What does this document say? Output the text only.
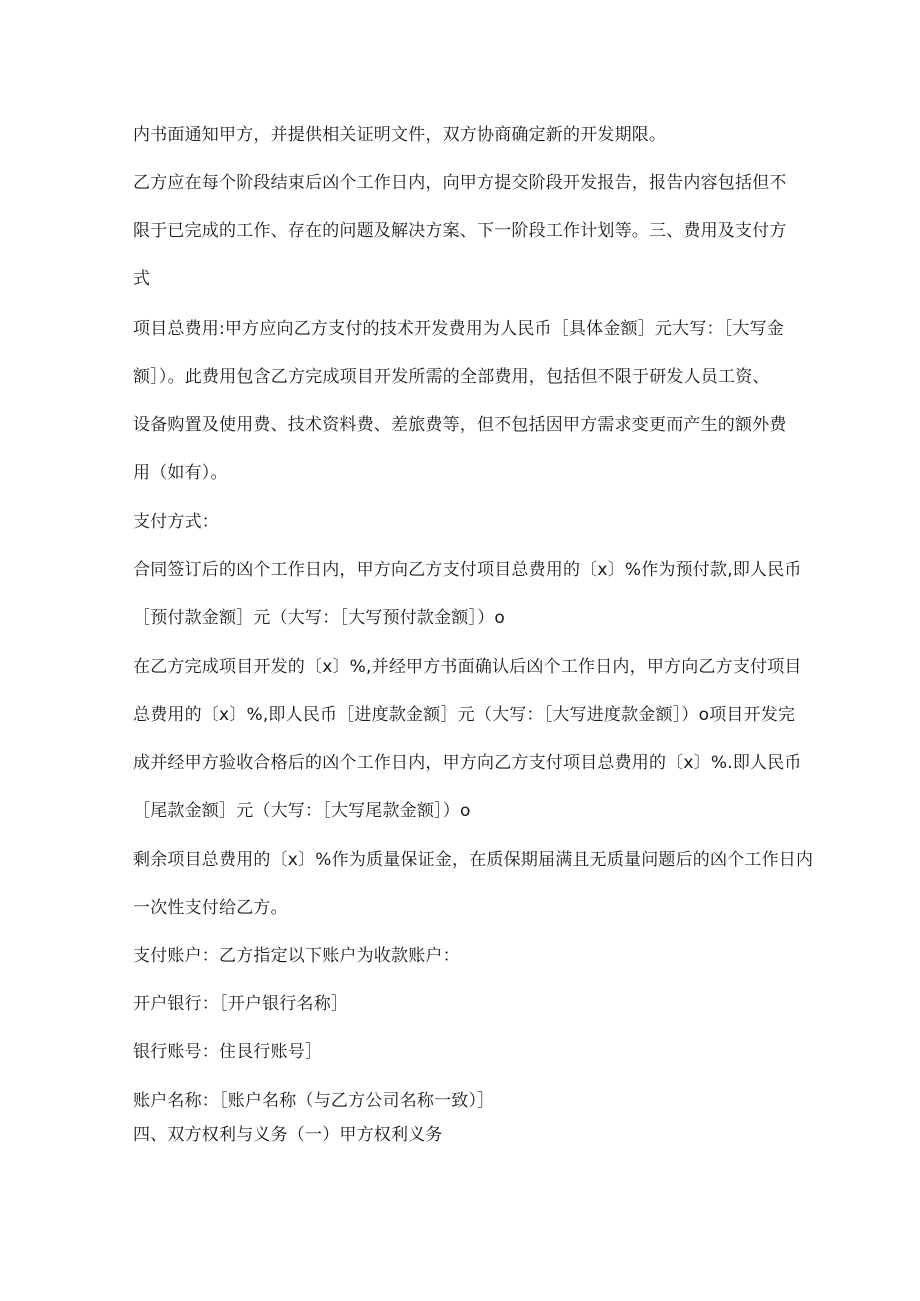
内书面通知甲方，并提供相关证明文件，双方协商确定新的开发期限。
乙方应在每个阶段结束后凶个工作日内，向甲方提交阶段开发报告，报告内容包括但不
限于已完成的工作、存在的问题及解决方案、下一阶段工作计划等。三、费用及支付方
式
项目总费用:甲方应向乙方支付的技术开发费用为人民币［具体金额］元大写：［大写金
额］）。此费用包含乙方完成项目开发所需的全部费用，包括但不限于研发人员工资、
设备购置及使用费、技术资料费、差旅费等，但不包括因甲方需求变更而产生的额外费
用（如有）。
支付方式：
合同签订后的凶个工作日内，甲方向乙方支付项目总费用的〔x〕%作为预付款,即人民币
［预付款金额］元（大写：［大写预付款金额］）o
在乙方完成项目开发的〔x〕%,并经甲方书面确认后凶个工作日内，甲方向乙方支付项目
总费用的〔x〕%,即人民币［进度款金额］元（大写：［大写进度款金额］）o项目开发完
成并经甲方验收合格后的凶个工作日内，甲方向乙方支付项目总费用的〔x〕%.即人民币
［尾款金额］元（大写：［大写尾款金额］）o
剩余项目总费用的〔x〕%作为质量保证金，在质保期届满且无质量问题后的凶个工作日内
一次性支付给乙方。
支付账户：乙方指定以下账户为收款账户：
开户银行：［开户银行名称］
银行账号：住艮行账号］
账户名称：［账户名称（与乙方公司名称一致）］
四、双方权利与义务（一）甲方权利义务
